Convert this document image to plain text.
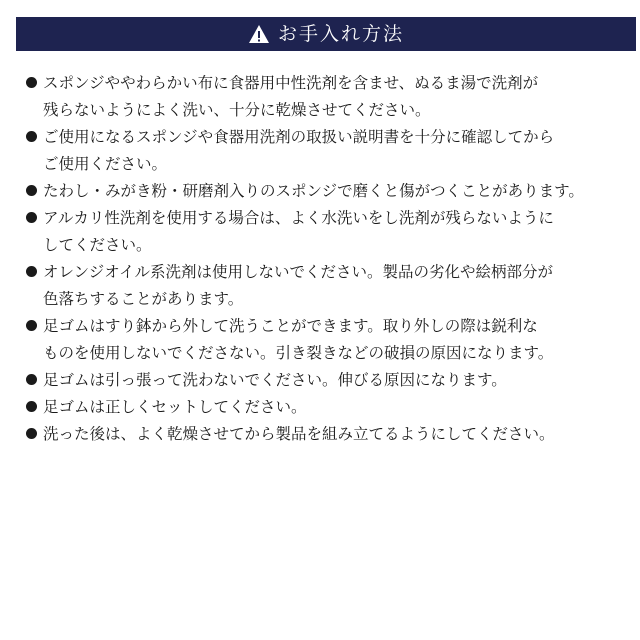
お手入れ方法
スポンジややわらかい布に食器用中性洗剤を含ませ、ぬるま湯で洗剤が
残らないようによく洗い、十分に乾燥させてください。
ご使用になるスポンジや食器用洗剤の取扱い説明書を十分に確認してから
ご使用ください。
たわし・みがき粉・研磨剤入りのスポンジで磨くと傷がつくことがあります。
アルカリ性洗剤を使用する場合は、よく水洗いをし洗剤が残らないように
してください。
オレンジオイル系洗剤は使用しないでください。製品の劣化や絵柄部分が
色落ちすることがあります。
足ゴムはすり鉢から外して洗うことができます。取り外しの際は鋭利な
ものを使用しないでくださない。引き裂きなどの破損の原因になります。
足ゴムは引っ張って洗わないでください。伸びる原因になります。
足ゴムは正しくセットしてください。
洗った後は、よく乾燥させてから製品を組み立てるようにしてください。
